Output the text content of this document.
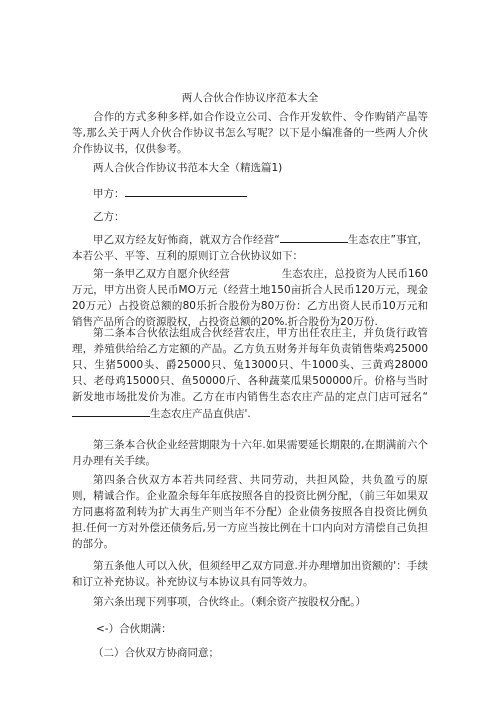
两人合伙合作协议序范本大全
合作的方式多种多样,如合作设立公司、合作开发软件、令作购销产晶等等,那么关于两人介伙合作协议书怎么写呢？以下是小编准备的一些两人介伙介作协议书，仅供参考。
两人合伙合作协议书范本大全（精选篇1)
甲方：
乙方：
甲乙双方经友好怖商，就双方合作经营“	生态农庄”事宜，本若公平、平等、互利的原则订立合伙协议如下：
第一条甲乙双方自愿介伙经营	生态农庄，总投资为人民币160万元，甲方出资人民币MO万元（经营土地150亩折合人民币120万元，现金20万元）占投资总额的80乐折合股份为80万份：乙方出资人民币10万元和销售产品所合的资源股权，占投资总额的20%.折合股份为20万份.
第二条本合伙依法组成合伙经营农庄，甲方出任农庄主，并负货行政管理，养殖供给给乙方定额的产品。乙方负五财务并每年负责销售柴鸡25000只、生猪5000头、爵25000只、兔13000只、牛1000头、三黄鸡28000只、老母鸡15000只、鱼50000斤、各种蔬菜瓜果500000斤。价格与当时新发地市场批发价为准。乙方在市内销售生态农庄产品的定点门店可冠名“生态农庄产品直供店'.
第三条本合伙企业经营期限为十六年.如果需要延长期限的,在期满前六个月办理有关手续。
第四条合伙双方本若共同经营、共同劳动，共担风险，共负盈亏的原则，精诚合作。企业盈余每年年底按照各自的投资比例分配，（前三年如果双方同惠将盈利转为扩大再生产则当年不分配）企业债务按照各自投资比例负担.任何一方对外偿还债务后,另一方应当按比例在十口内向对方清偿自己负担的部分。
第五条他人可以入伙，但须经甲乙双方同意.并办理增加出资额的'：手续和订立补充协议。补充协议与本协议具有同等效力。
第六条出现下列事项，合伙终止。（剩余资产按股权分配。）
<-）合伙期满：
（二）合伙双方协商同意；
